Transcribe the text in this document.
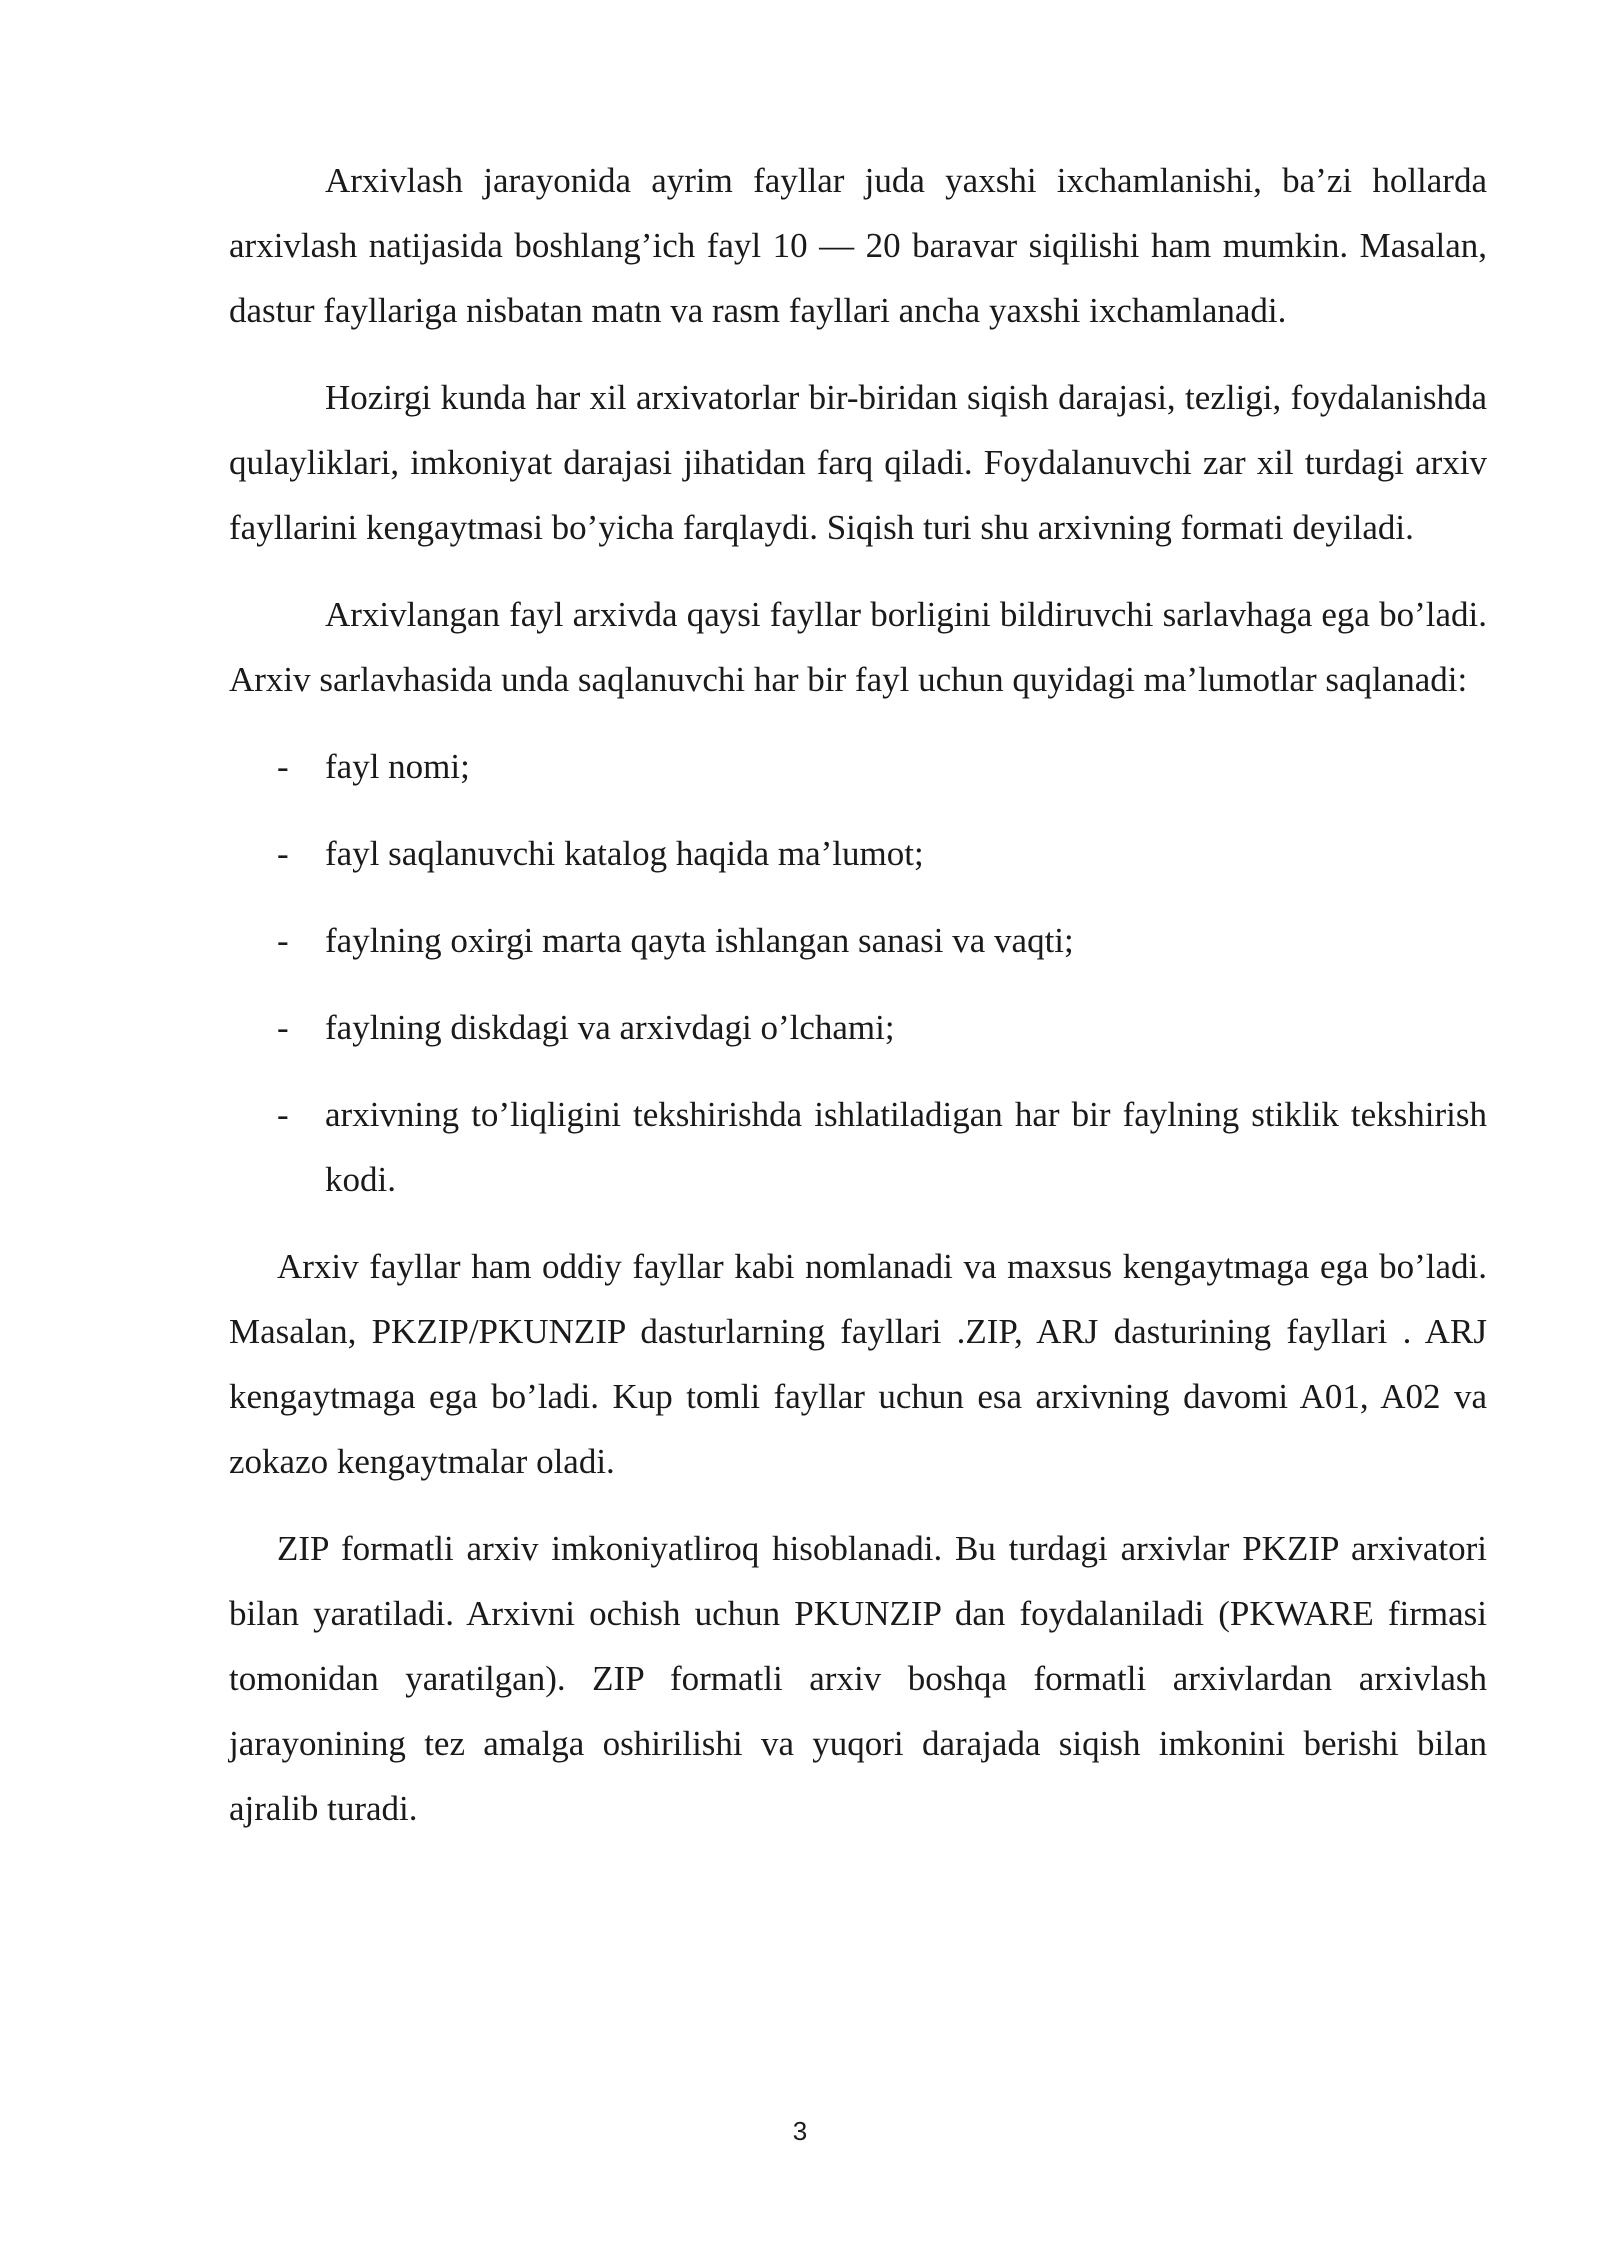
Arxivlash jarayonida ayrim fayllar juda yaxshi ixchamlanishi, ba’zi hollarda arxivlash natijasida boshlang’ich fayl 10 — 20 baravar siqilishi ham mumkin. Masalan, dastur fayllariga nisbatan matn va rasm fayllari ancha yaxshi ixchamlanadi.

Hozirgi kunda har xil arxivatorlar bir-biridan siqish darajasi, tezligi, foydalanishda qulayliklari, imkoniyat darajasi jihatidan farq qiladi. Foydalanuvchi zar xil turdagi arxiv fayllarini kengaytmasi bo’yicha farqlaydi. Siqish turi shu arxivning formati deyiladi.

Arxivlangan fayl arxivda qaysi fayllar borligini bildiruvchi sarlavhaga ega bo’ladi. Arxiv sarlavhasida unda saqlanuvchi har bir fayl uchun quyidagi ma’lumotlar saqlanadi:

- fayl nomi;
- fayl saqlanuvchi katalog haqida ma’lumot;
- faylning oxirgi marta qayta ishlangan sanasi va vaqti;
- faylning diskdagi va arxivdagi o’lchami;
- arxivning to’liqligini tekshirishda ishlatiladigan har bir faylning stiklik tekshirish kodi.

Arxiv fayllar ham oddiy fayllar kabi nomlanadi va maxsus kengaytmaga ega bo’ladi. Masalan, PKZIP/PKUNZIP dasturlarning fayllari .ZIP, ARJ dasturining fayllari . ARJ kengaytmaga ega bo’ladi. Kup tomli fayllar uchun esa arxivning davomi A01, A02 va zokazo kengaytmalar oladi.

ZIP formatli arxiv imkoniyatliroq hisoblanadi. Bu turdagi arxivlar PKZIP arxivatori bilan yaratiladi. Arxivni ochish uchun PKUNZIP dan foydalaniladi (PKWARE firmasi tomonidan yaratilgan). ZIP formatli arxiv boshqa formatli arxivlardan arxivlash jarayonining tez amalga oshirilishi va yuqori darajada siqish imkonini berishi bilan ajralib turadi.

3
